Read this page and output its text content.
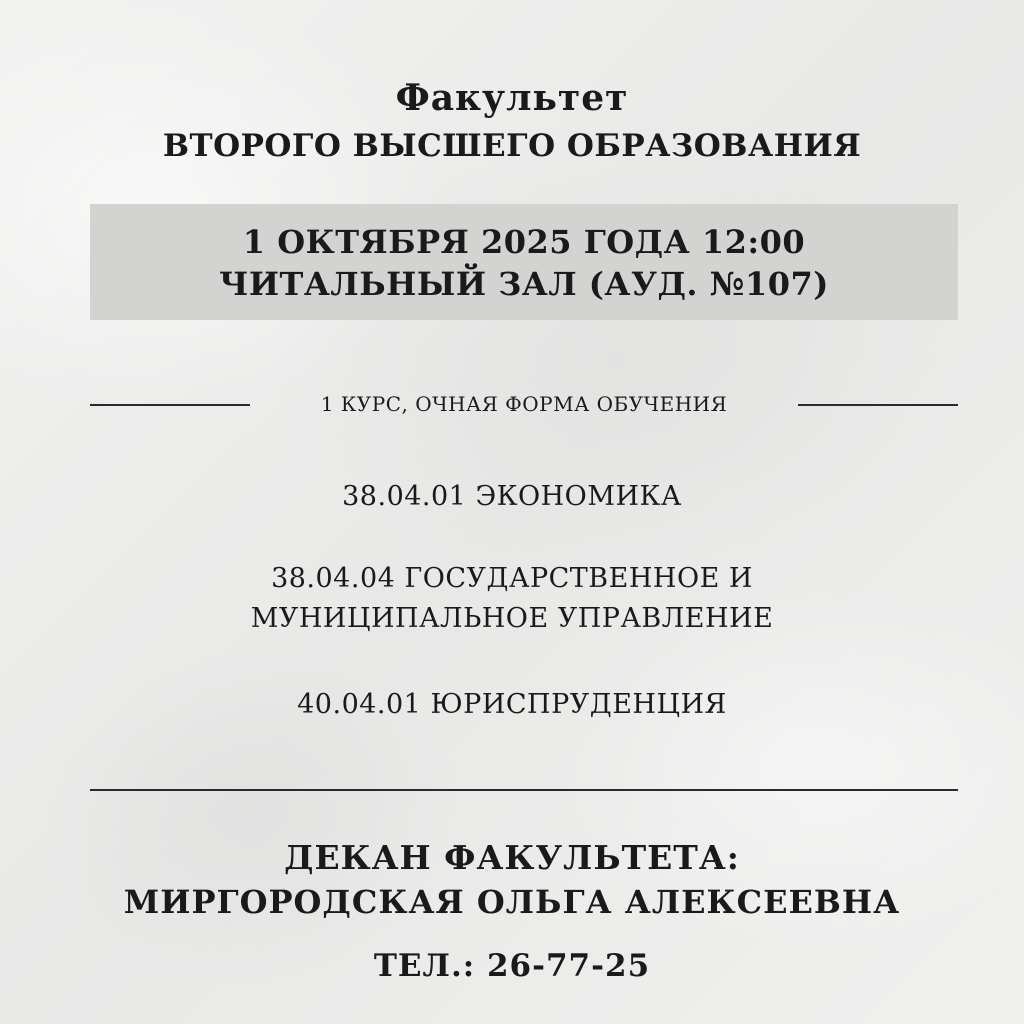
Факультет
ВТОРОГО ВЫСШЕГО ОБРАЗОВАНИЯ
1 ОКТЯБРЯ 2025 ГОДА 12:00
ЧИТАЛЬНЫЙ ЗАЛ (АУД. №107)
1 КУРС, ОЧНАЯ ФОРМА ОБУЧЕНИЯ
38.04.01 ЭКОНОМИКА
38.04.04 ГОСУДАРСТВЕННОЕ И
МУНИЦИПАЛЬНОЕ УПРАВЛЕНИЕ
40.04.01 ЮРИСПРУДЕНЦИЯ
ДЕКАН ФАКУЛЬТЕТА:
МИРГОРОДСКАЯ ОЛЬГА АЛЕКСЕЕВНА
ТЕЛ.: 26-77-25
